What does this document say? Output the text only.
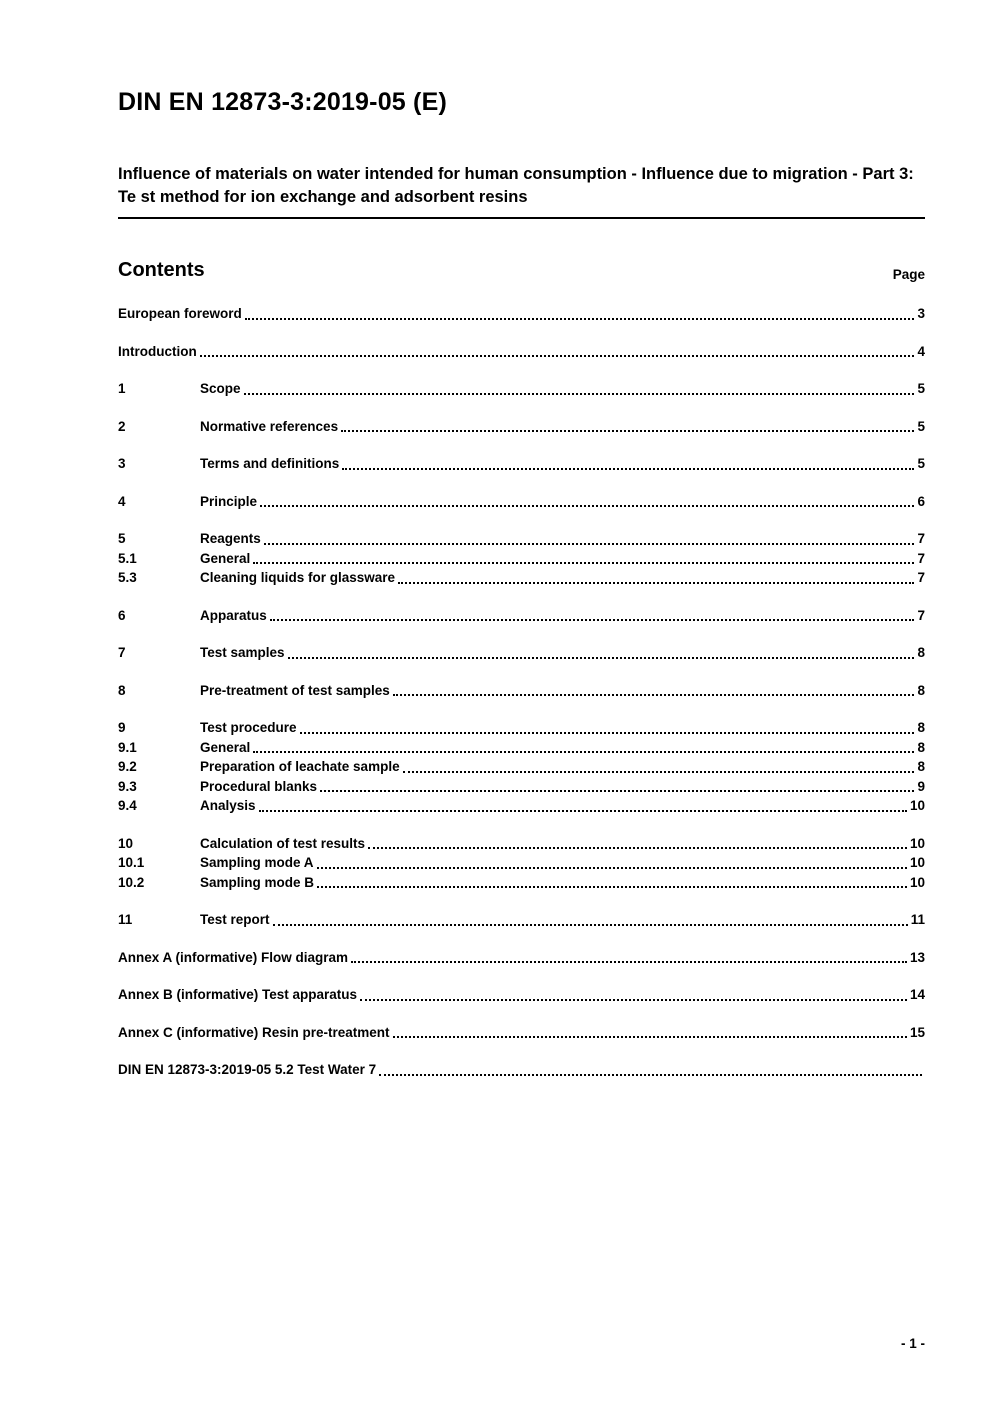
DIN EN 12873-3:2019-05 (E)
Influence of materials on water intended for human consumption - Influence due to migration - Part 3: Te st method for ion exchange and adsorbent resins
Contents	Page
European foreword	3
Introduction	4
1	Scope	5
2	Normative references	5
3	Terms and definitions	5
4	Principle	6
5	Reagents	7
5.1	General	7
5.3	Cleaning liquids for glassware	7
6	Apparatus	7
7	Test samples	8
8	Pre-treatment of test samples	8
9	Test procedure	8
9.1	General	8
9.2	Preparation of leachate sample	8
9.3	Procedural blanks	9
9.4	Analysis	10
10	Calculation of test results	10
10.1	Sampling mode A	10
10.2	Sampling mode B	10
11	Test report	11
Annex A (informative) Flow diagram	13
Annex B (informative) Test apparatus	14
Annex C (informative) Resin pre-treatment	15
DIN EN 12873-3:2019-05 5.2 Test Water 7
- 1 -
